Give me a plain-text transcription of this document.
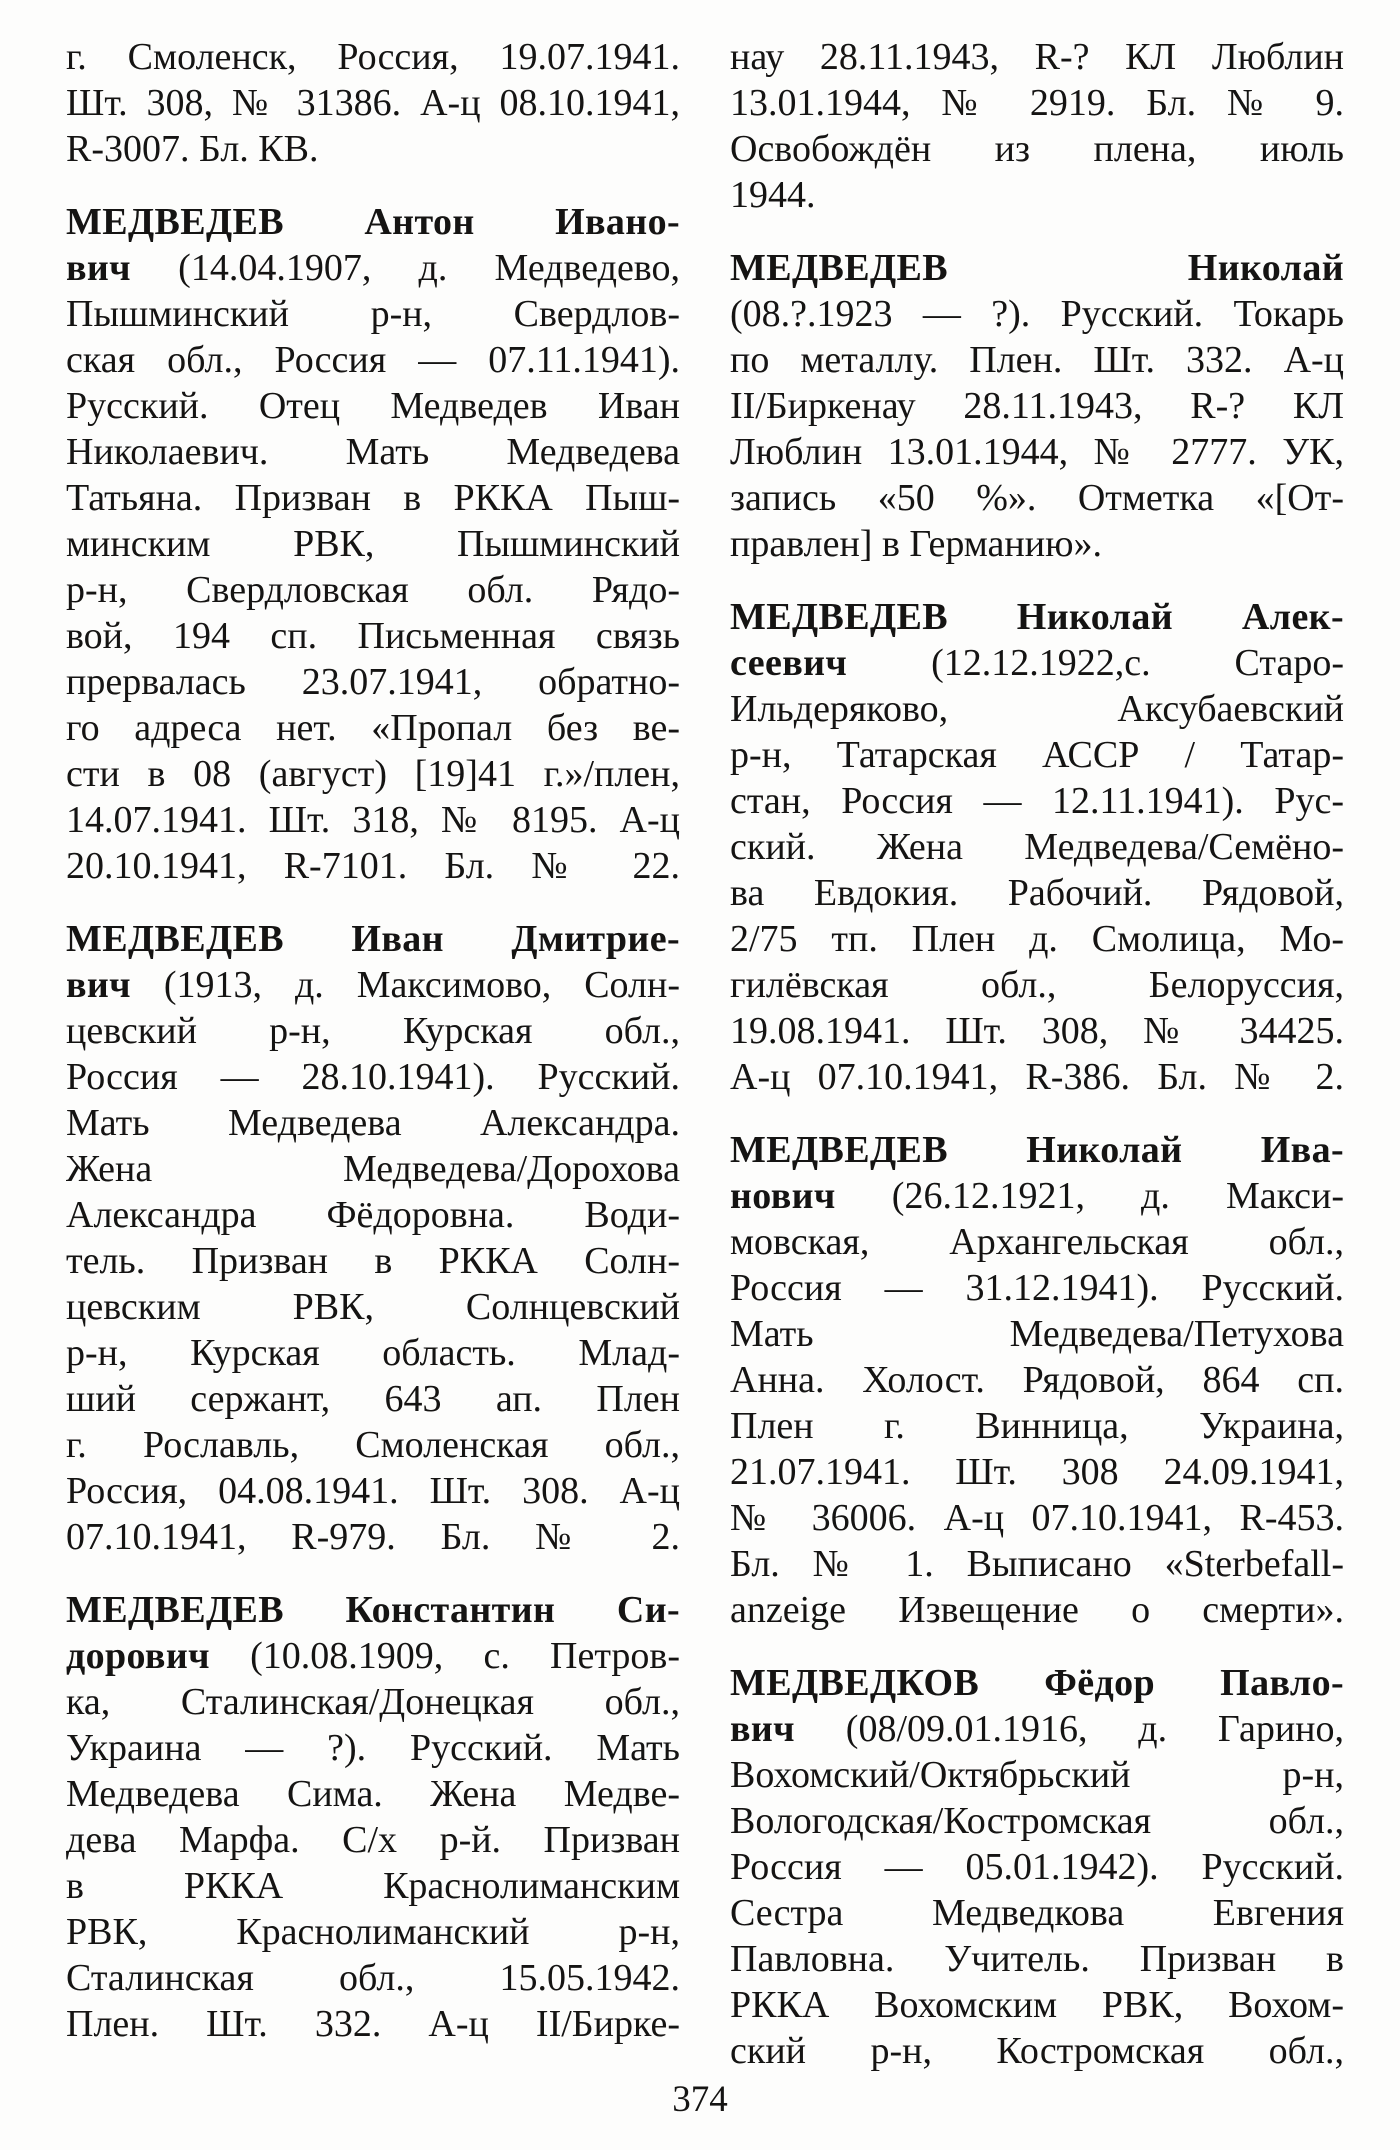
г. Смоленск, Россия, 19.07.1941.
Шт. 308, № 31386. А-ц 08.10.1941,
R-3007. Бл. КВ.
МЕДВЕДЕВ Антон Ивано-
вич (14.04.1907, д. Медведево,
Пышминский р-н, Свердлов-
ская обл., Россия — 07.11.1941).
Русский. Отец Медведев Иван
Николаевич. Мать Медведева
Татьяна. Призван в РККА Пыш-
минским РВК, Пышминский
р-н, Свердловская обл. Рядо-
вой, 194 сп. Письменная связь
прервалась 23.07.1941, обратно-
го адреса нет. «Пропал без ве-
сти в 08 (август) [19]41 г.»/плен,
14.07.1941. Шт. 318, № 8195. А-ц
20.10.1941, R-7101. Бл. № 22.
МЕДВЕДЕВ Иван Дмитрие-
вич (1913, д. Максимово, Солн-
цевский р-н, Курская обл.,
Россия — 28.10.1941). Русский.
Мать Медведева Александра.
Жена Медведева/Дорохова
Александра Фёдоровна. Води-
тель. Призван в РККА Солн-
цевским РВК, Солнцевский
р-н, Курская область. Млад-
ший сержант, 643 ап. Плен
г. Рославль, Смоленская обл.,
Россия, 04.08.1941. Шт. 308. А-ц
07.10.1941, R-979. Бл. № 2.
МЕДВЕДЕВ Константин Си-
дорович (10.08.1909, с. Петров-
ка, Сталинская/Донецкая обл.,
Украина — ?). Русский. Мать
Медведева Сима. Жена Медве-
дева Марфа. С/х р-й. Призван
в РККА Краснолиманским
РВК, Краснолиманский р-н,
Сталинская обл., 15.05.1942.
Плен. Шт. 332. А-ц II/Бирке-
нау 28.11.1943, R-? КЛ Люблин
13.01.1944, № 2919. Бл. № 9.
Освобождён из плена, июль
1944.
МЕДВЕДЕВ Николай
(08.?.1923 — ?). Русский. Токарь
по металлу. Плен. Шт. 332. А-ц
II/Биркенау 28.11.1943, R-? КЛ
Люблин 13.01.1944, № 2777. УК,
запись «50 %». Отметка «[От-
правлен] в Германию».
МЕДВЕДЕВ Николай Алек-
сеевич (12.12.1922,с. Старо-
Ильдеряково, Аксубаевский
р-н, Татарская АССР / Татар-
стан, Россия — 12.11.1941). Рус-
ский. Жена Медведева/Семёно-
ва Евдокия. Рабочий. Рядовой,
2/75 тп. Плен д. Смолица, Мо-
гилёвская обл., Белоруссия,
19.08.1941. Шт. 308, № 34425.
А-ц 07.10.1941, R-386. Бл. № 2.
МЕДВЕДЕВ Николай Ива-
нович (26.12.1921, д. Макси-
мовская, Архангельская обл.,
Россия — 31.12.1941). Русский.
Мать Медведева/Петухова
Анна. Холост. Рядовой, 864 сп.
Плен г. Винница, Украина,
21.07.1941. Шт. 308 24.09.1941,
№ 36006. А-ц 07.10.1941, R-453.
Бл. № 1. Выписано «Sterbefall-
anzeige Извещение о смерти».
МЕДВЕДКОВ Фёдор Павло-
вич (08/09.01.1916, д. Гарино,
Вохомский/Октябрьский р-н,
Вологодская/Костромская обл.,
Россия — 05.01.1942). Русский.
Сестра Медведкова Евгения
Павловна. Учитель. Призван в
РККА Вохомским РВК, Вохом-
ский р-н, Костромская обл.,
374
